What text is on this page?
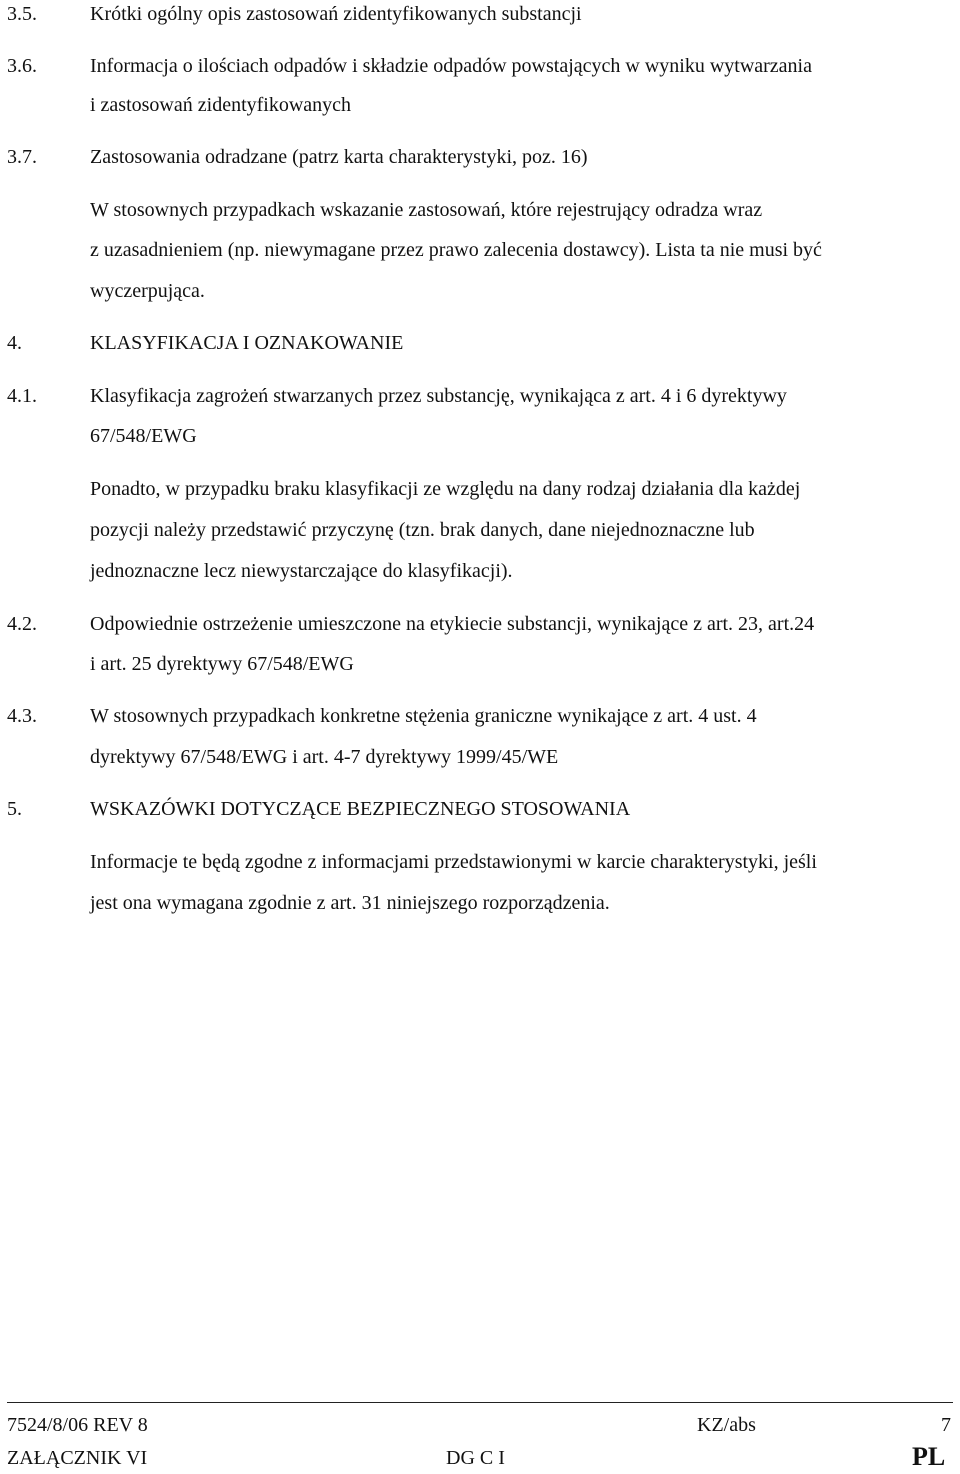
3.5.	Krótki ogólny opis zastosowań zidentyfikowanych substancji
3.6.	Informacja o ilościach odpadów i składzie odpadów powstających w wyniku wytwarzania
i zastosowań zidentyfikowanych
3.7.	Zastosowania odradzane (patrz karta charakterystyki, poz. 16)
W stosownych przypadkach wskazanie zastosowań, które rejestrujący odradza wraz
z uzasadnieniem (np. niewymagane przez prawo zalecenia dostawcy). Lista ta nie musi być
wyczerpująca.
4.	KLASYFIKACJA I OZNAKOWANIE
4.1.	Klasyfikacja zagrożeń stwarzanych przez substancję, wynikająca z art. 4 i 6 dyrektywy
67/548/EWG
Ponadto, w przypadku braku klasyfikacji ze względu na dany rodzaj działania dla każdej
pozycji należy przedstawić przyczynę (tzn. brak danych, dane niejednoznaczne lub
jednoznaczne lecz niewystarczające do klasyfikacji).
4.2.	Odpowiednie ostrzeżenie umieszczone na etykiecie substancji, wynikające z art. 23, art.24
i art. 25 dyrektywy 67/548/EWG
4.3.	W stosownych przypadkach konkretne stężenia graniczne wynikające z art. 4 ust. 4
dyrektywy 67/548/EWG i art. 4-7 dyrektywy 1999/45/WE
5.	WSKAZÓWKI DOTYCZĄCE BEZPIECZNEGO STOSOWANIA
Informacje te będą zgodne z informacjami przedstawionymi w karcie charakterystyki, jeśli
jest ona wymagana zgodnie z art. 31 niniejszego rozporządzenia.
7524/8/06 REV 8	KZ/abs	7
ZAŁĄCZNIK VI	DG C I	PL
